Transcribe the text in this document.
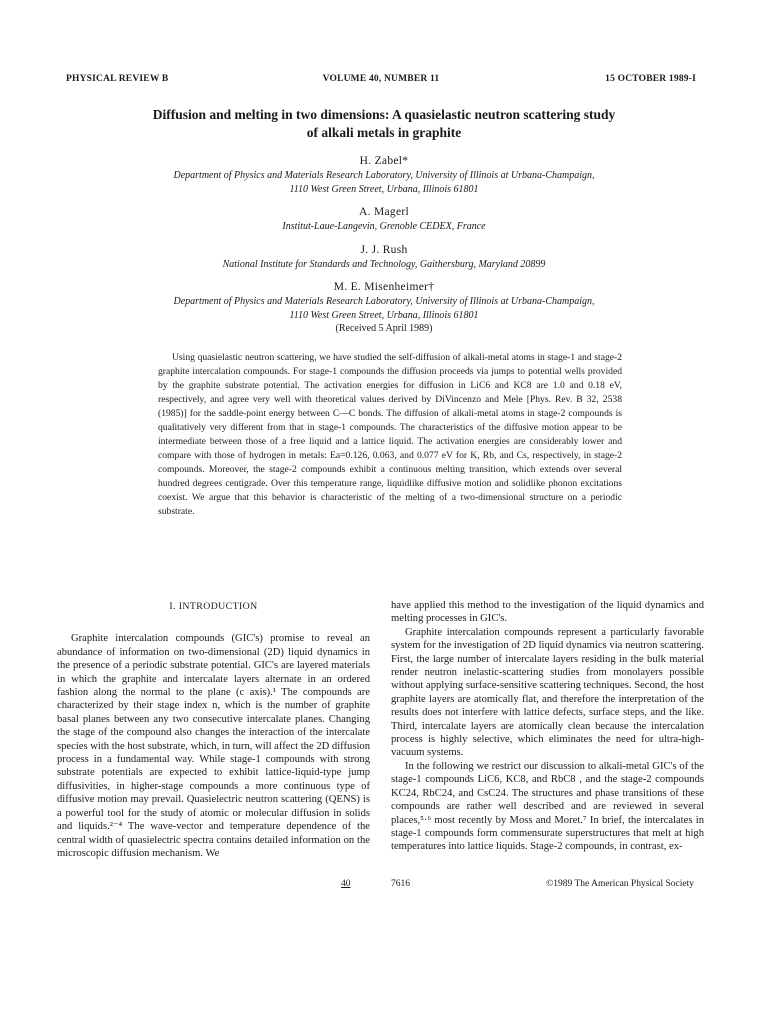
PHYSICAL REVIEW B	VOLUME 40, NUMBER 11	15 OCTOBER 1989-I
Diffusion and melting in two dimensions: A quasielastic neutron scattering study
of alkali metals in graphite
H. Zabel*
Department of Physics and Materials Research Laboratory, University of Illinois at Urbana-Champaign,
1110 West Green Street, Urbana, Illinois 61801
A. Magerl
Institut-Laue-Langevin, Grenoble CEDEX, France
J. J. Rush
National Institute for Standards and Technology, Gaithersburg, Maryland 20899
M. E. Misenheimer†
Department of Physics and Materials Research Laboratory, University of Illinois at Urbana-Champaign,
1110 West Green Street, Urbana, Illinois 61801
(Received 5 April 1989)
Using quasielastic neutron scattering, we have studied the self-diffusion of alkali-metal atoms in stage-1 and stage-2 graphite intercalation compounds. For stage-1 compounds the diffusion proceeds via jumps to potential wells provided by the graphite substrate potential. The activation energies for diffusion in LiC6 and KC8 are 1.0 and 0.18 eV, respectively, and agree very well with theoretical values derived by DiVincenzo and Mele [Phys. Rev. B 32, 2538 (1985)] for the saddle-point energy between C—C bonds. The diffusion of alkali-metal atoms in stage-2 compounds is qualitatively very different from that in stage-1 compounds. The characteristics of the diffusive motion appear to be intermediate between those of a free liquid and a lattice liquid. The activation energies are considerably lower and compare with those of hydrogen in metals: Ea=0.126, 0.063, and 0.077 eV for K, Rb, and Cs, respectively, in stage-2 compounds. Moreover, the stage-2 compounds exhibit a continuous melting transition, which extends over several hundred degrees centigrade. Over this temperature range, liquidlike diffusive motion and solidlike phonon excitations coexist. We argue that this behavior is characteristic of the melting of a two-dimensional structure on a periodic substrate.
I. INTRODUCTION

Graphite intercalation compounds (GIC's) promise to reveal an abundance of information on two-dimensional (2D) liquid dynamics in the presence of a periodic substrate potential. GIC's are layered materials in which the graphite and intercalate layers alternate in an ordered fashion along the normal to the plane (c axis).¹ The compounds are characterized by their stage index n, which is the number of graphite basal planes between any two consecutive intercalate planes. Changing the stage of the compound also changes the interaction of the intercalate species with the host substrate, which, in turn, will affect the 2D diffusion process in a fundamental way. While stage-1 compounds with strong substrate potentials are expected to exhibit lattice-liquid-type jump diffusivities, in higher-stage compounds a more continuous type of diffusive motion may prevail. Quasielectric neutron scattering (QENS) is a powerful tool for the study of atomic or molecular diffusion in solids and liquids.²⁻⁴ The wave-vector and temperature dependence of the central width of quasielectric spectra contains detailed information on the microscopic diffusion mechanism. We

have applied this method to the investigation of the liquid dynamics and melting processes in GIC's.

Graphite intercalation compounds represent a particularly favorable system for the investigation of 2D liquid dynamics via neutron scattering. First, the large number of intercalate layers residing in the bulk material render neutron inelastic-scattering studies from monolayers possible without applying surface-sensitive scattering techniques. Second, the host graphite layers are atomically flat, and therefore the interpretation of the results does not interfere with lattice defects, surface steps, and the like. Third, intercalate layers are atomically clean because the intercalation process is highly selective, which eliminates the need for ultra-high-vacuum systems.

In the following we restrict our discussion to alkali-metal GIC's of the stage-1 compounds LiC6, KC8, and RbC8 , and the stage-2 compounds KC24, RbC24, and CsC24. The structures and phase transitions of these compounds are rather well described and are reviewed in several places,⁵·⁶ most recently by Moss and Moret.⁷ In brief, the intercalates in stage-1 compounds form commensurate superstructures that melt at high temperatures into lattice liquids. Stage-2 compounds, in contrast, ex-

40	7616	©1989 The American Physical Society
